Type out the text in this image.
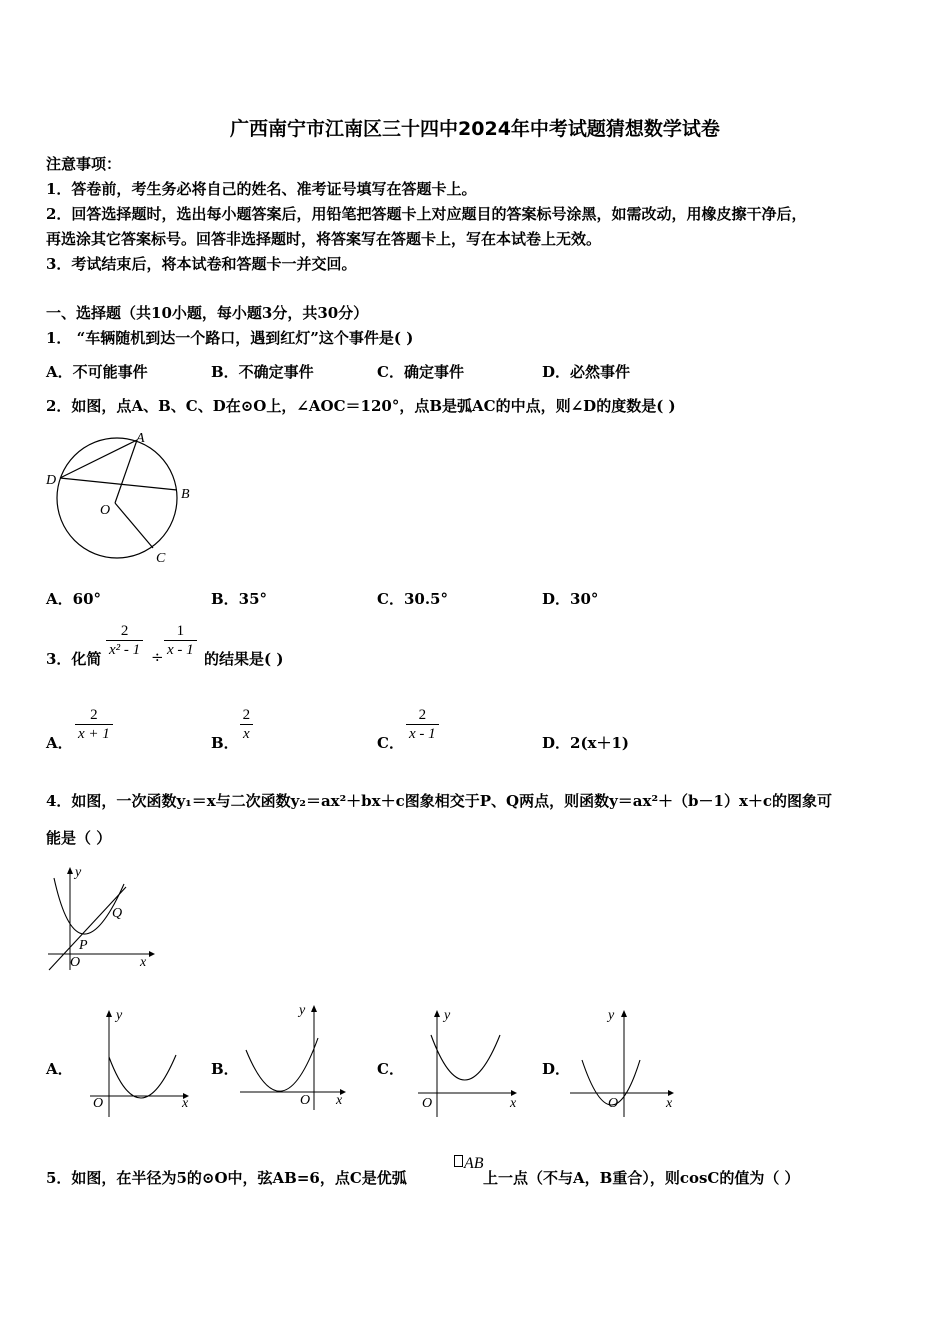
广西南宁市江南区三十四中2024年中考试题猜想数学试卷
注意事项：
1．答卷前，考生务必将自己的姓名、准考证号填写在答题卡上。
2．回答选择题时，选出每小题答案后，用铅笔把答题卡上对应题目的答案标号涂黑，如需改动，用橡皮擦干净后，
再选涂其它答案标号。回答非选择题时，将答案写在答题卡上，写在本试卷上无效。
3．考试结束后，将本试卷和答题卡一并交回。
一、选择题（共10小题，每小题3分，共30分）
1． “车辆随机到达一个路口，遇到红灯”这个事件是( )
A．不可能事件	B．不确定事件	C．确定事件	D．必然事件
2．如图，点A、B、C、D在⊙O上，∠AOC＝120°，点B是弧AC的中点，则∠D的度数是( )
A
B
C
D
O
A．60°	B．35°	C．30.5°	D．30°
3．化简 $\frac{2}{\text{x² - 1}} \div \frac{1}{x - 1}$ 的结果是( )
A． $\frac{2}{x + 1}$	B． $\frac{2}{x}$	C． $\frac{2}{x - 1}$	D．2(x＋1)
4．如图，一次函数y₁＝x与二次函数y₂＝ax²＋bx＋c图象相交于P、Q两点，则函数y＝ax²＋（b－1）x＋c的图象可
能是（ ）
y
x
O
P
Q
A．
y
x
O
B．
y
x
O
C．
y
x
O
D．
y
x
O
5．如图，在半径为5的⊙O中，弦AB=6，点C是优弧
AB
上一点（不与A，B重合），则cosC的值为（ ）
